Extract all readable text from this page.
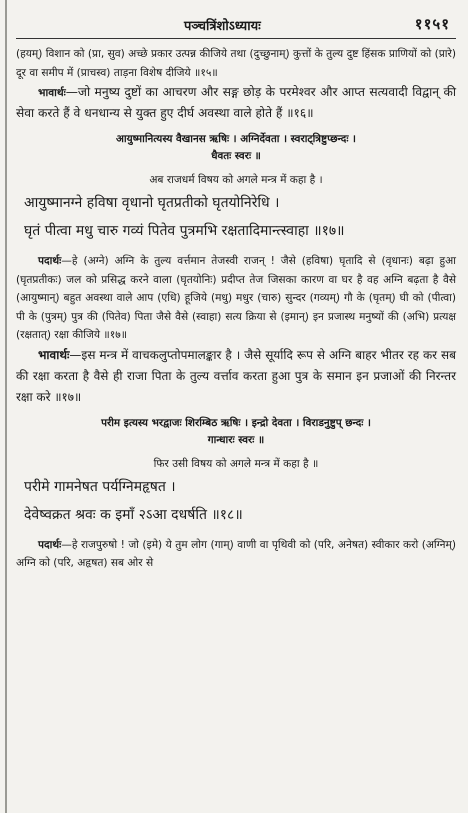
पञ्चत्रिंशोऽध्यायः	११५१

(हयम्) विशान को (प्रा, सुव) अच्छे प्रकार उत्पन्न कीजिये तथा (दुच्छुनाम्) कुत्तों के तुल्य दुष्ट हिंसक प्राणियों को (प्रारे) दूर वा समीप में (प्राचस्व) ताड़ना विशेष दीजिये ॥१५॥

भावार्थः—जो मनुष्य दुष्टों का आचरण और सङ्ग छोड़ के परमेश्वर और आप्त सत्यवादी विद्वान् की सेवा करते हैं वे धनधान्य से युक्त हुए दीर्घ अवस्था वाले होते हैं ॥१६॥

आयुष्मानित्यस्य वैखानस ऋषिः । अग्निर्देवता । स्वराट्त्रिष्टुप्छन्दः ।

धैवतः स्वरः ॥

अब राजधर्म विषय को अगले मन्त्र में कहा है ।

आयुष्मानग्ने हविषा वृधानो घृतप्रतीको घृतयोनिरेधि ।

घृतं पीत्वा मधु चारु गव्यं पितेव पुत्रमभि रक्षतादिमान्त्स्वाहा ॥१७॥

पदार्थः—हे (अग्ने) अग्नि के तुल्य वर्त्तमान तेजस्वी राजन् ! जैसे (हविषा) घृतादि से (वृधानः) बढ़ा हुआ (घृतप्रतीकः) जल को प्रसिद्ध करने वाला (घृतयोनिः) प्रदीप्त तेज जिसका कारण वा घर है वह अग्नि बढ़ता है वैसे (आयुष्मान्) बहुत अवस्था वाले आप (एधि) हूजिये (मधु) मधुर (चारु) सुन्दर (गव्यम्) गौ के (घृतम्) घी को (पीत्वा) पी के (पुत्रम्) पुत्र की (पितेव) पिता जैसे वैसे (स्वाहा) सत्य क्रिया से (इमान्) इन प्रजास्थ मनुष्यों की (अभि) प्रत्यक्ष (रक्षतात्) रक्षा कीजिये ॥१७॥

भावार्थः—इस मन्त्र में वाचकलुप्तोपमालङ्कार है । जैसे सूर्यादि रूप से अग्नि बाहर भीतर रह कर सब की रक्षा करता है वैसे ही राजा पिता के तुल्य वर्त्ताव करता हुआ पुत्र के समान इन प्रजाओं की निरन्तर रक्षा करे ॥१७॥

परीम इत्यस्य भरद्वाजः शिरम्बिठ ऋषिः । इन्द्रो देवता । विराडनुष्टुप् छन्दः ।

गान्धारः स्वरः ॥

फिर उसी विषय को अगले मन्त्र में कहा है ॥

परीमे गामनेषत पर्यग्निमहृषत ।

देवेष्वक्रत श्रवः क इमाँ २ऽआ दधर्षति ॥१८॥

पदार्थः—हे राजपुरुषो ! जो (इमे) ये तुम लोग (गाम्) वाणी वा पृथिवी को (परि, अनेषत) स्वीकार करो (अग्निम्) अग्नि को (परि, अहृषत) सब ओर से
